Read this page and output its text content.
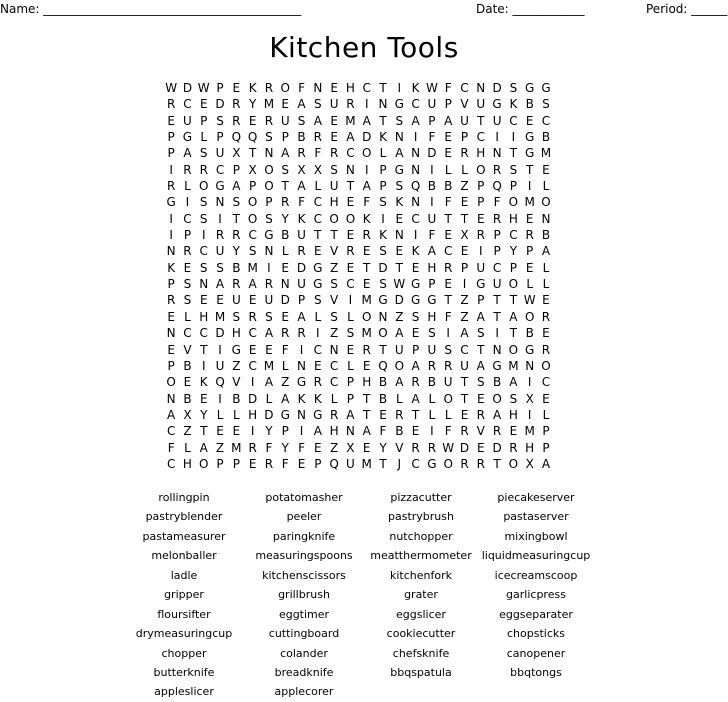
Name: ___________________________________________	Date: ____________	Period: ______
Kitchen Tools
W D W P E K R O F N E H C T I K W F C N D S G G
R C E D R Y M E A S U R I N G C U P V U G K B S
E U P S R E R U S A E M A T S A P A U T U C E C
P G L P Q Q S P B R E A D K N I F E P C I	I G B
P A S U X T N A R F R C O L A N D E R H N T G M
I R R C P X O S X X S N I P G N I L L O R S T E
R L O G A P O T A L U T A P S Q B B Z P Q P I L
G I S N S O P R F C H E F S K N I F E P F O M O
I C S I T O S Y K C O O K I E C U T T E R H E N
I P I R R C G B U T T E R K N I F E X R P C R B
N R C U Y S N L R E V R E S E K A C E I P Y P A
K E S S B M I E D G Z E T D T E H R P U C P E L
P S N A R A R N U G S C E S W G P E I G U O L L
R S E E U E U D P S V I M G D G G T Z P T T W E
E L H M S R S E A L S L O N Z S H F Z A T A O R
N C C D H C A R R I Z S M O A E S I A S I T B E
E V T I G E E F I C N E R T U P U S C T N O G R
P B I U Z C M L N E C L E Q O A R R U A G M N O
O E K Q V I A Z G R C P H B A R B U T S B A I C
N B E I B D L A K K L P T B L A L O T E O S X E
A X Y L L H D G N G R A T E R T L L E R A H I L
C Z T E E I Y P I A H N A F B E I F R V R E M P
F L A Z M R F Y F E Z X E Y V R R W D E D R H P
C H O P P E R F E P Q U M T J C G O R R T O X A
rollingpin	potatomasher	pizzacutter	piecakeserver
pastryblender	peeler	pastrybrush	pastaserver
pastameasurer	paringknife	nutchopper	mixingbowl
melonballer	measuringspoons	meatthermometer liquidmeasuringcup
ladle	kitchenscissors	kitchenfork	icecreamscoop
gripper	grillbrush	grater	garlicpress
floursifter	eggtimer	eggslicer	eggseparater
drymeasuringcup	cuttingboard	cookiecutter	chopsticks
chopper	colander	chefsknife	canopener
butterknife	breadknife	bbqspatula	bbqtongs
appleslicer	applecorer
